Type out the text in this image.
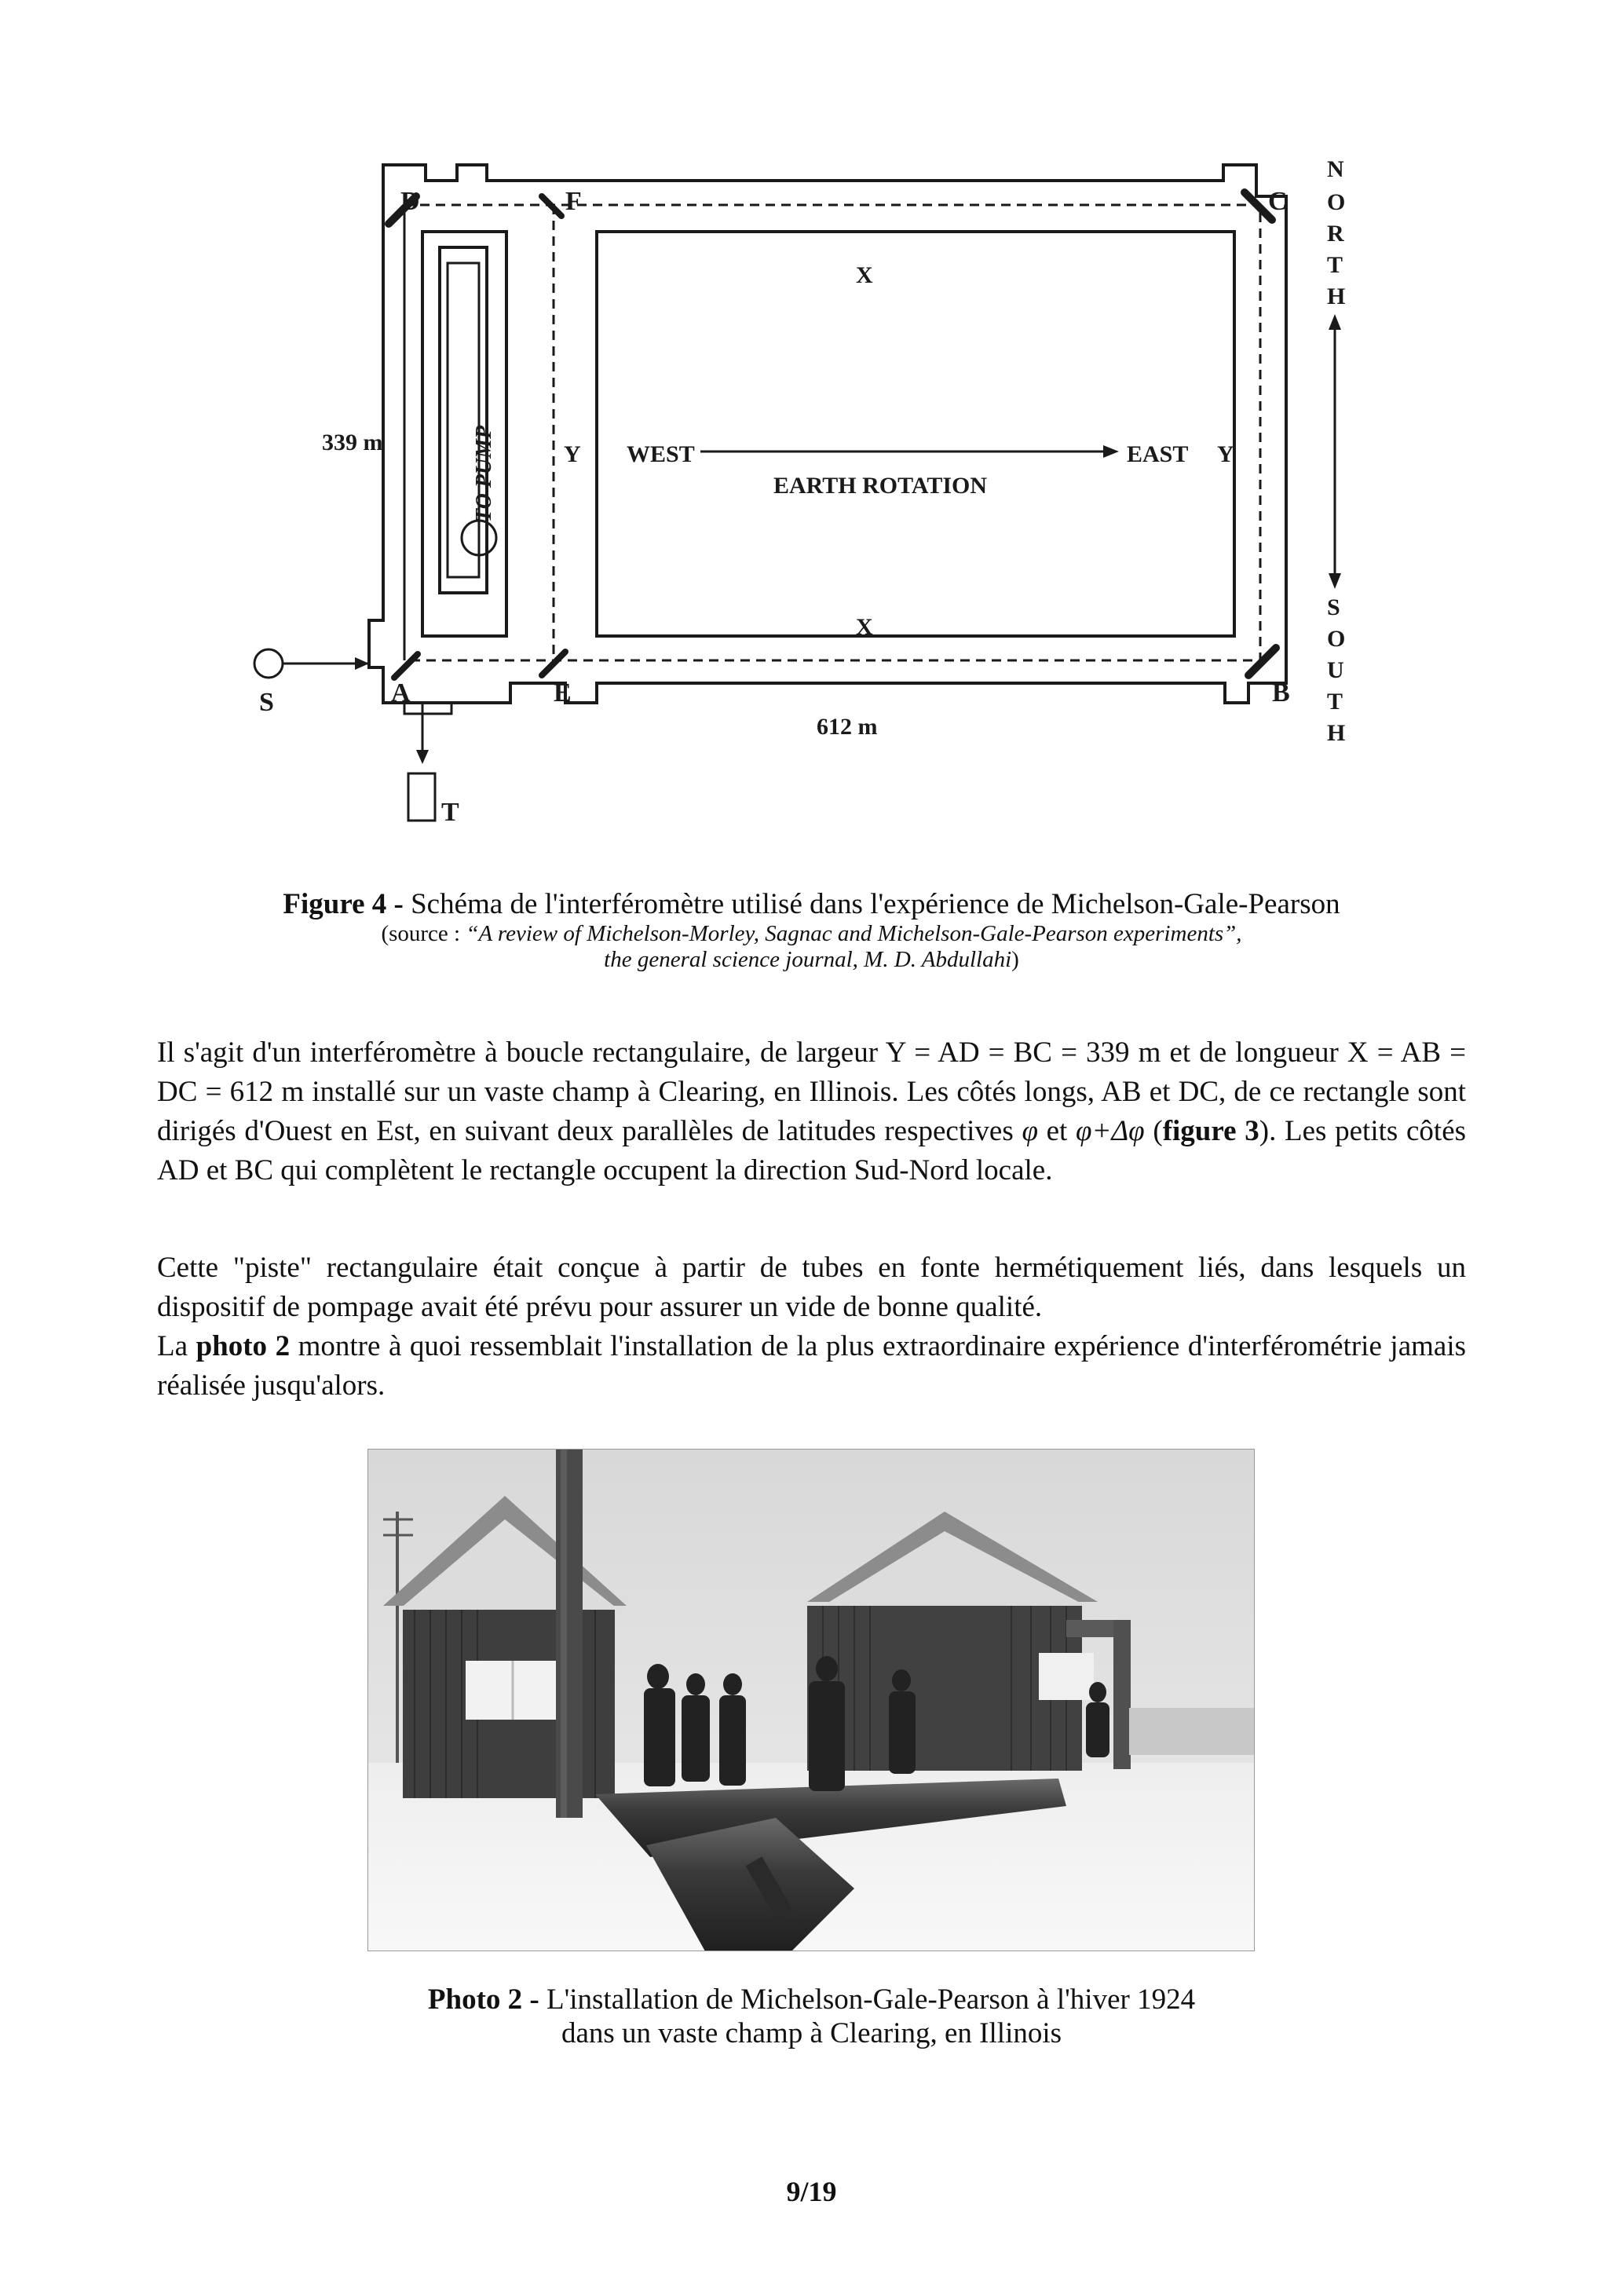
D	F	C
A	E	B
S
T
X
X
Y	Y
WEST	EAST
EARTH ROTATION
TO PUMP
339 m
612 m
N
O
R
T
H
S
O
U
T
H
Figure 4 - Schéma de l'interféromètre utilisé dans l'expérience de Michelson-Gale-Pearson
(source : “A review of Michelson-Morley, Sagnac and Michelson-Gale-Pearson experiments”,
the general science journal, M. D. Abdullahi)

Il s'agit d'un interféromètre à boucle rectangulaire, de largeur Y = AD = BC = 339 m et de longueur X = AB = DC = 612 m installé sur un vaste champ à Clearing, en Illinois. Les côtés longs, AB et DC, de ce rectangle sont dirigés d'Ouest en Est, en suivant deux parallèles de latitudes respectives φ et φ+Δφ (figure 3). Les petits côtés AD et BC qui complètent le rectangle occupent la direction Sud-Nord locale.

Cette "piste" rectangulaire était conçue à partir de tubes en fonte hermétiquement liés, dans lesquels un dispositif de pompage avait été prévu pour assurer un vide de bonne qualité.

La photo 2 montre à quoi ressemblait l'installation de la plus extraordinaire expérience d'interférométrie jamais réalisée jusqu'alors.

Photo 2 - L'installation de Michelson-Gale-Pearson à l'hiver 1924
dans un vaste champ à Clearing, en Illinois
9/19
